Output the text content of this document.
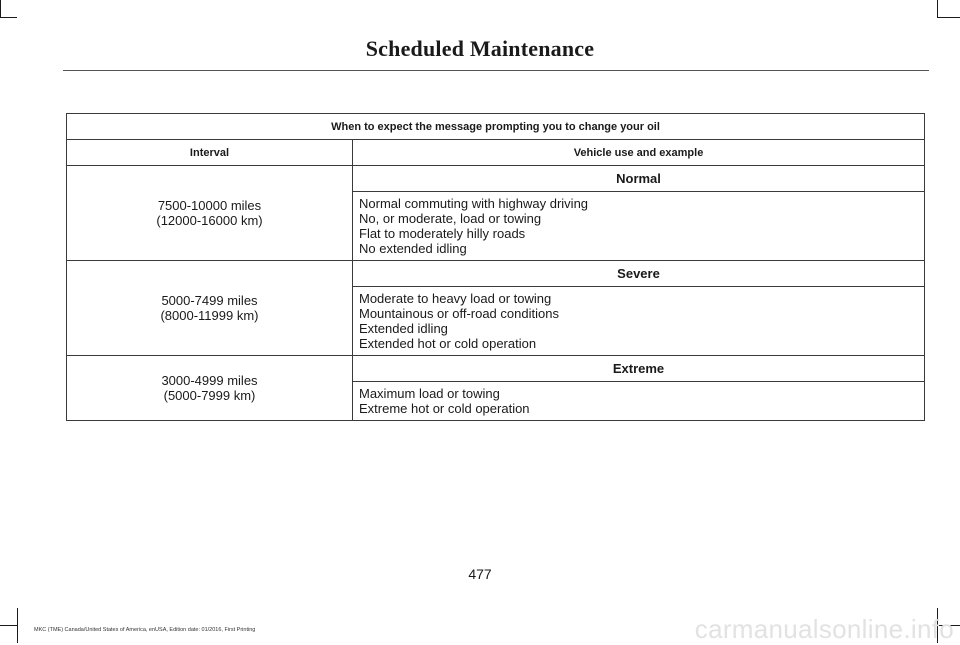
Scheduled Maintenance
When to expect the message prompting you to change your oil	
Interval	Vehicle use and example

7500-10000 miles
(12000-16000 km)	Normal

	Normal commuting with highway driving
No, or moderate, load or towing
Flat to moderately hilly roads
No extended idling

5000-7499 miles
(8000-11999 km)	Severe

	Moderate to heavy load or towing
Mountainous or off-road conditions
Extended idling
Extended hot or cold operation

3000-4999 miles
(5000-7999 km)	Extreme

	Maximum load or towing
Extreme hot or cold operation
477
MKC (TME) Canada/United States of America, enUSA, Edition date: 01/2016, First Printing	carmanualsonline.info
